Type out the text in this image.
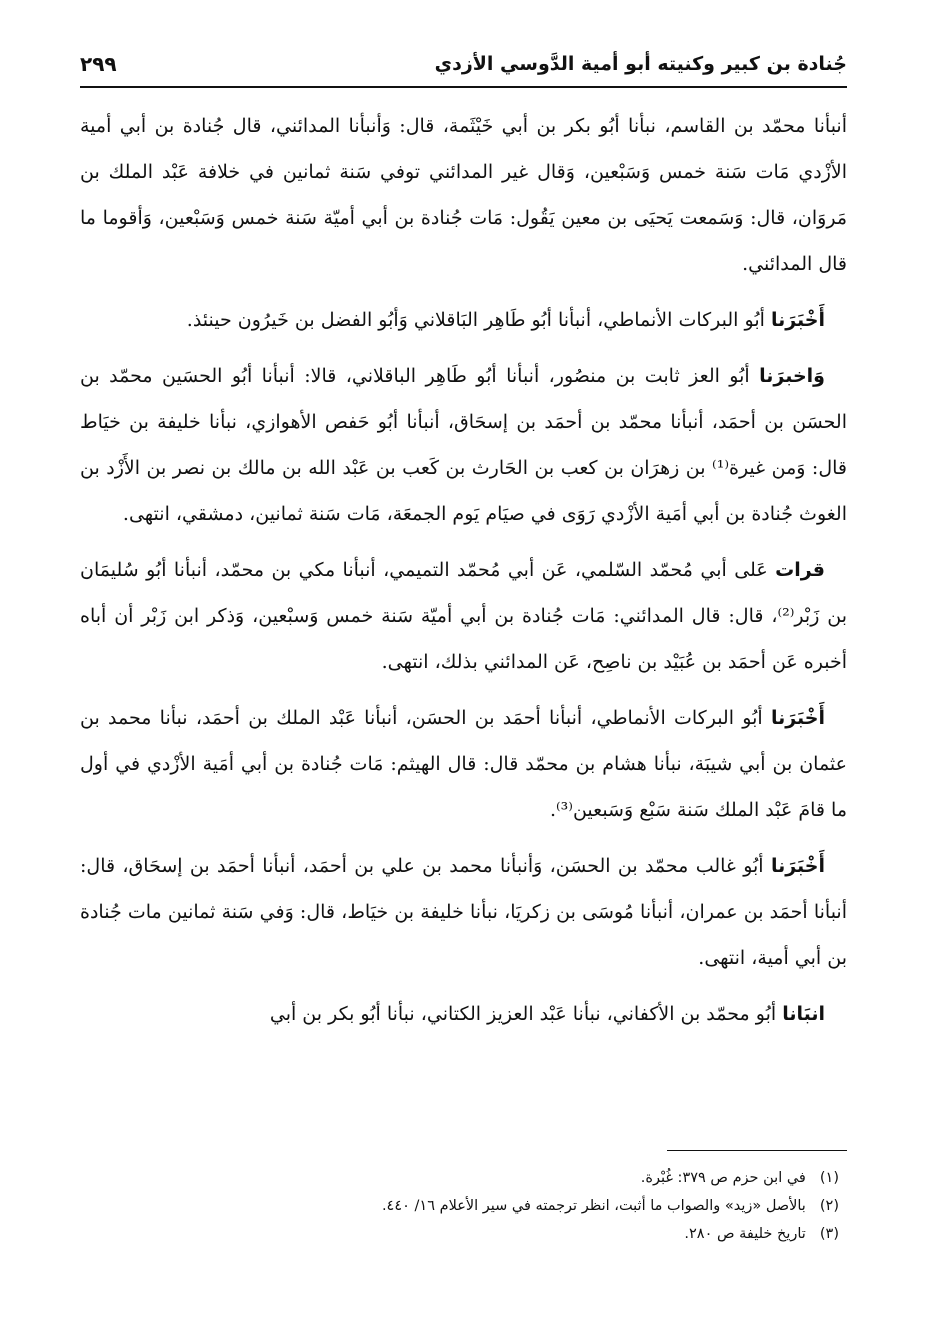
جُنادة بن كبير وكنيته أبو أمية الدَّوسي الأزدي
٢٩٩

أنبأنا محمّد بن القاسم، نبأنا أبُو بكر بن أبي خَيْثَمة، قال: وَأنبأنا المدائني، قال جُنادة بن أبي أمية الأزْدي مَات سَنة خمس وَسَبْعين، وَقال غير المدائني توفي سَنة ثمانين في خلافة عَبْد الملك بن مَروَان، قال: وَسَمعت يَحيَى بن معين يَقُول: مَات جُنادة بن أبي أميّة سَنة خمس وَسَبْعين، وَأقوما ما قال المدائني.

أَخْبَرَنا أبُو البركات الأنماطي، أنبأنا أبُو طَاهِر البَاقلاني وَأبُو الفضل بن خَيرُون حينئذ.

وَاخبرَنا أبُو العز ثابت بن منصُور، أنبأنا أبُو طَاهِر الباقلاني، قالا: أنبأنا أبُو الحسَين محمّد بن الحسَن بن أحمَد، أنبأنا محمّد بن أحمَد بن إسحَاق، أنبأنا أبُو حَفص الأهوازي، نبأنا خليفة بن خيَاط قال: وَمن غيرة⁽¹⁾ بن زهرَان بن كعب بن الحَارث بن كَعب بن عَبْد الله بن مالك بن نصر بن الأَزْد بن الغوث جُنادة بن أبي أمَية الأزْدي رَوَى في صيَام يَوم الجمعَة، مَات سَنة ثمانين، دمشقي، انتهى.

قرات عَلى أبي مُحمّد السّلمي، عَن أبي مُحمّد التميمي، أنبأنا مكي بن محمّد، أنبأنا أبُو سُليمَان بن زَبْر⁽²⁾، قال: قال المدائني: مَات جُنادة بن أبي أميّة سَنة خمس وَسبْعين، وَذكر ابن زَبْر أن أباه أخبره عَن أحمَد بن عُبَيْد بن ناصِح، عَن المدائني بذلك، انتهى.

أَخْبَرَنا أبُو البركات الأنماطي، أنبأنا أحمَد بن الحسَن، أنبأنا عَبْد الملك بن أحمَد، نبأنا محمد بن عثمان بن أبي شيبَة، نبأنا هشام بن محمّد قال: قال الهيثم: مَات جُنادة بن أبي أمَية الأزْدي في أول ما قامَ عَبْد الملك سَنة سَبْع وَسَبعين⁽³⁾.

أَخْبَرَنا أبُو غالب محمّد بن الحسَن، وَأنبأنا محمد بن علي بن أحمَد، أنبأنا أحمَد بن إسحَاق، قال: أنبأنا أحمَد بن عمران، أنبأنا مُوسَى بن زكريَا، نبأنا خليفة بن خيَاط، قال: وَفي سَنة ثمانين مات جُنادة بن أبي أمية، انتهى.

انبَانا أبُو محمّد بن الأكفاني، نبأنا عَبْد العزيز الكتاني، نبأنا أبُو بكر بن أبي

(١)
في ابن حزم ص ٣٧٩: غُبْرة.
(٢)
بالأصل «زيد» والصواب ما أثبت، انظر ترجمته في سير الأعلام ١٦/ ٤٤٠.
(٣)
تاريخ خليفة ص ٢٨٠.
